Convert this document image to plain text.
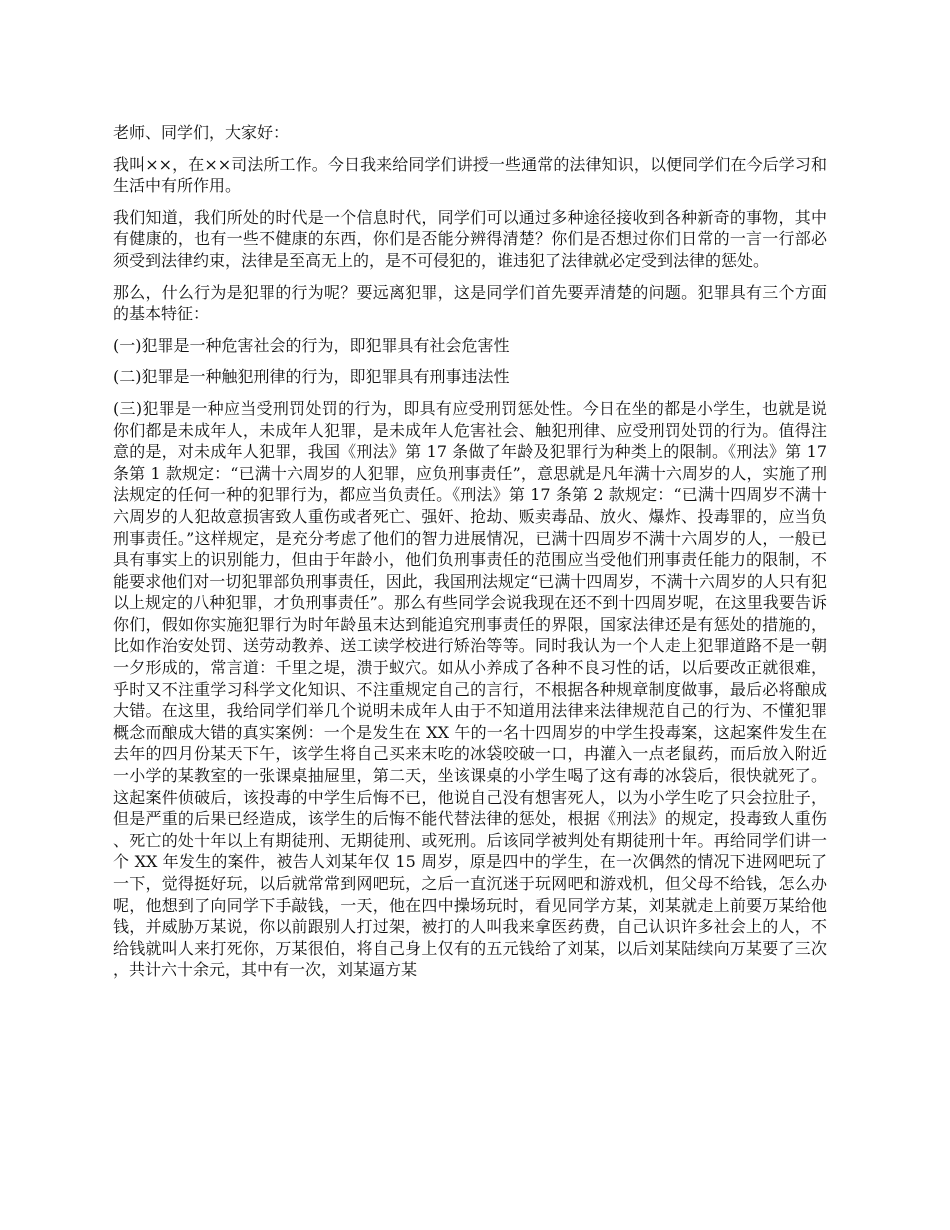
老师、同学们，大家好：

我叫××，在××司法所工作。今日我来给同学们讲授一些通常的法律知识，以便同学们在今后学习和生活中有所作用。

我们知道，我们所处的时代是一个信息时代，同学们可以通过多种途径接收到各种新奇的事物，其中有健康的，也有一些不健康的东西，你们是否能分辨得清楚？你们是否想过你们日常的一言一行部必须受到法律约束，法律是至高无上的，是不可侵犯的，谁违犯了法律就必定受到法律的惩处。

那么，什么行为是犯罪的行为呢？要远离犯罪，这是同学们首先要弄清楚的问题。犯罪具有三个方面的基本特征：

(一)犯罪是一种危害社会的行为，即犯罪具有社会危害性

(二)犯罪是一种触犯刑律的行为，即犯罪具有刑事违法性

(三)犯罪是一种应当受刑罚处罚的行为，即具有应受刑罚惩处性。今日在坐的都是小学生，也就是说你们都是未成年人，未成年人犯罪，是未成年人危害社会、触犯刑律、应受刑罚处罚的行为。值得注意的是，对未成年人犯罪，我国《刑法》第 17 条做了年龄及犯罪行为种类上的限制。《刑法》第 17 条第 1 款规定：“已满十六周岁的人犯罪，应负刑事责任”，意思就是凡年满十六周岁的人，实施了刑法规定的任何一种的犯罪行为，都应当负责任。《刑法》第 17 条第 2 款规定：“已满十四周岁不满十六周岁的人犯故意损害致人重伤或者死亡、强奸、抢劫、贩卖毒品、放火、爆炸、投毒罪的，应当负刑事责任。”这样规定，是充分考虑了他们的智力进展情况，已满十四周岁不满十六周岁的人，一般已具有事实上的识别能力，但由于年龄小，他们负刑事责任的范围应当受他们刑事责任能力的限制，不能要求他们对一切犯罪部负刑事责任，因此，我国刑法规定“已满十四周岁，不满十六周岁的人只有犯以上规定的八种犯罪，才负刑事责任”。那么有些同学会说我现在还不到十四周岁呢，在这里我要告诉你们，假如你实施犯罪行为时年龄虽末达到能追究刑事责任的界限，国家法律还是有惩处的措施的，比如作治安处罚、送劳动教养、送工读学校进行矫治等等。同时我认为一个人走上犯罪道路不是一朝一夕形成的，常言道：千里之堤，溃于蚁穴。如从小养成了各种不良习性的话，以后要改正就很难，乎时又不注重学习科学文化知识、不注重规定自己的言行，不根据各种规章制度做事，最后必将酿成大错。在这里，我给同学们举几个说明未成年人由于不知道用法律来法律规范自己的行为、不懂犯罪概念而酿成大错的真实案例：一个是发生在 XX 午的一名十四周岁的中学生投毒案，这起案件发生在去年的四月份某天下午，该学生将自己买来末吃的冰袋咬破一口，冉灌入一点老鼠药，而后放入附近一小学的某教室的一张课桌抽屉里，第二天，坐该课桌的小学生喝了这有毒的冰袋后，很快就死了。这起案件侦破后，该投毒的中学生后悔不已，他说自己没有想害死人，以为小学生吃了只会拉肚子，但是严重的后果已经造成，该学生的后悔不能代替法律的惩处，根据《刑法》的规定，投毒致人重伤、死亡的处十年以上有期徒刑、无期徒刑、或死刑。后该同学被判处有期徒刑十年。再给同学们讲一个 XX 年发生的案件，被告人刘某年仅 15 周岁，原是四中的学生，在一次偶然的情况下进网吧玩了一下，觉得挺好玩，以后就常常到网吧玩，之后一直沉迷于玩网吧和游戏机，但父母不给钱，怎么办呢，他想到了向同学下手敲钱，一天，他在四中操场玩时，看见同学方某，刘某就走上前要万某给他钱，并威胁万某说，你以前跟别人打过架，被打的人叫我来拿医药费，自己认识许多社会上的人，不给钱就叫人来打死你，万某很伯，将自己身上仅有的五元钱给了刘某，以后刘某陆续向万某要了三次，共计六十余元，其中有一次，刘某逼方某
